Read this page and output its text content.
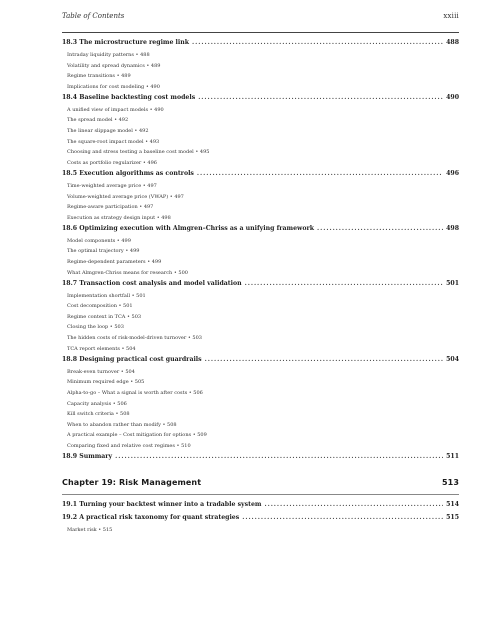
Table of Contents	xxiii
18.3 The microstructure regime link . . .	488
Intraday liquidity patterns • 488
Volatility and spread dynamics • 489
Regime transitions • 489
Implications for cost modeling • 490
18.4 Baseline backtesting cost models . . .	490
A unified view of impact models • 490
The spread model • 492
The linear slippage model • 492
The square-root impact model • 493
Choosing and stress testing a baseline cost model • 495
Costs as portfolio regularizer • 496
18.5 Execution algorithms as controls . . .	496
Time-weighted average price • 497
Volume-weighted average price (VWAP) • 497
Regime-aware participation • 497
Execution as strategy design input • 498
18.6 Optimizing execution with Almgren–Chriss as a unifying framework . . .	498
Model components • 499
The optimal trajectory • 499
Regime-dependent parameters • 499
What Almgren-Chriss means for research • 500
18.7 Transaction cost analysis and model validation . . .	501
Implementation shortfall • 501
Cost decomposition • 501
Regime context in TCA • 503
Closing the loop • 503
The hidden costs of risk-model-driven turnover • 503
TCA report elements • 504
18.8 Designing practical cost guardrails . . .	504
Break-even turnover • 504
Minimum required edge • 505
Alpha-to-go – What a signal is worth after costs • 506
Capacity analysis • 506
Kill switch criteria • 508
When to abandon rather than modify • 508
A practical example – Cost mitigation for options • 509
Comparing fixed and relative cost regimes • 510
18.9 Summary . . .	511
Chapter 19: Risk Management	513
19.1 Turning your backtest winner into a tradable system . . .	514
19.2 A practical risk taxonomy for quant strategies . . .	515
Market risk • 515
